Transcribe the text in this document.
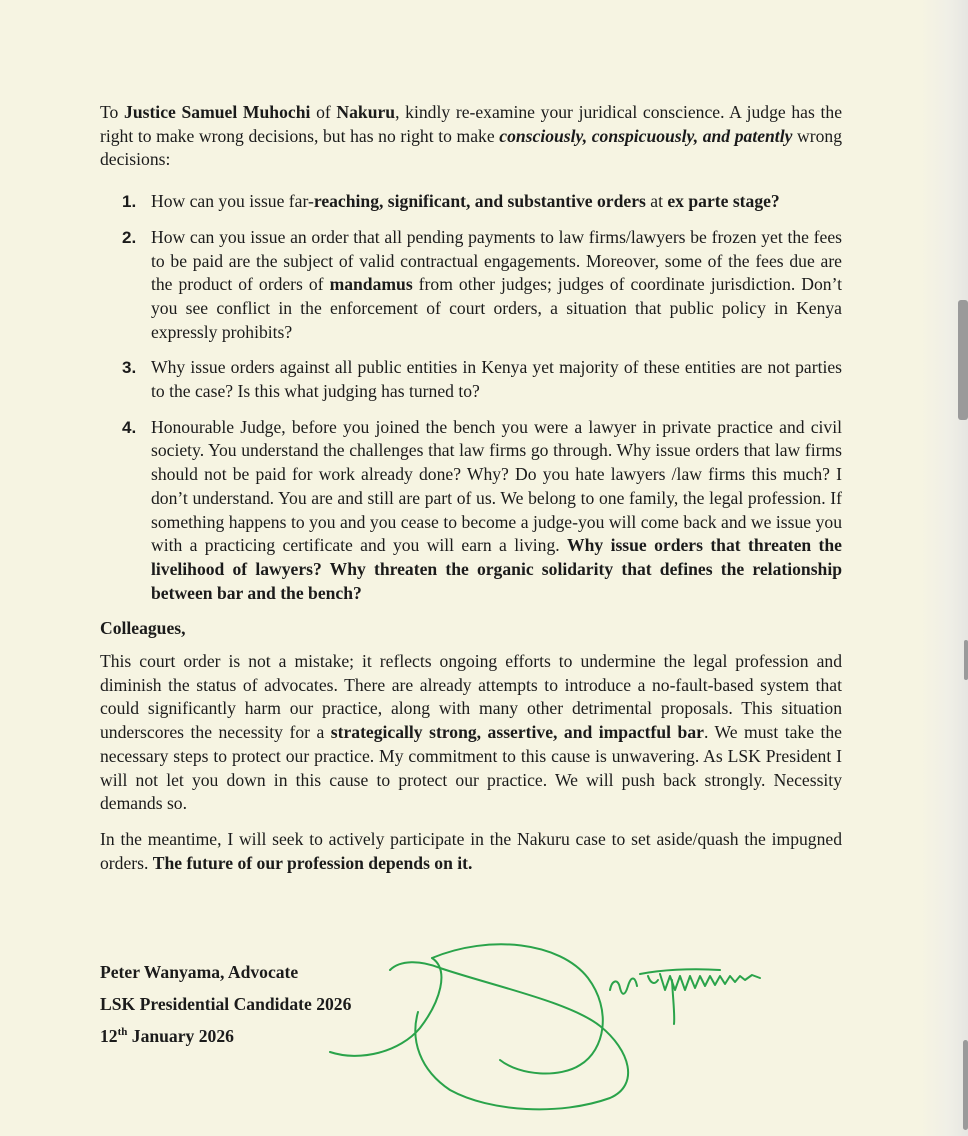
To Justice Samuel Muhochi of Nakuru, kindly re-examine your juridical conscience. A judge has the right to make wrong decisions, but has no right to make consciously, conspicuously, and patently wrong decisions:

1. How can you issue far-reaching, significant, and substantive orders at ex parte stage?
2. How can you issue an order that all pending payments to law firms/lawyers be frozen yet the fees to be paid are the subject of valid contractual engagements. Moreover, some of the fees due are the product of orders of mandamus from other judges; judges of coordinate jurisdiction. Don’t you see conflict in the enforcement of court orders, a situation that public policy in Kenya expressly prohibits?
3. Why issue orders against all public entities in Kenya yet majority of these entities are not parties to the case? Is this what judging has turned to?
4. Honourable Judge, before you joined the bench you were a lawyer in private practice and civil society. You understand the challenges that law firms go through. Why issue orders that law firms should not be paid for work already done? Why? Do you hate lawyers /law firms this much? I don’t understand. You are and still are part of us. We belong to one family, the legal profession. If something happens to you and you cease to become a judge-you will come back and we issue you with a practicing certificate and you will earn a living. Why issue orders that threaten the livelihood of lawyers? Why threaten the organic solidarity that defines the relationship between bar and the bench?

Colleagues,

This court order is not a mistake; it reflects ongoing efforts to undermine the legal profession and diminish the status of advocates. There are already attempts to introduce a no-fault-based system that could significantly harm our practice, along with many other detrimental proposals. This situation underscores the necessity for a strategically strong, assertive, and impactful bar. We must take the necessary steps to protect our practice. My commitment to this cause is unwavering. As LSK President I will not let you down in this cause to protect our practice. We will push back strongly. Necessity demands so.

In the meantime, I will seek to actively participate in the Nakuru case to set aside/quash the impugned orders. The future of our profession depends on it.

Peter Wanyama, Advocate
LSK Presidential Candidate 2026
12th January 2026
